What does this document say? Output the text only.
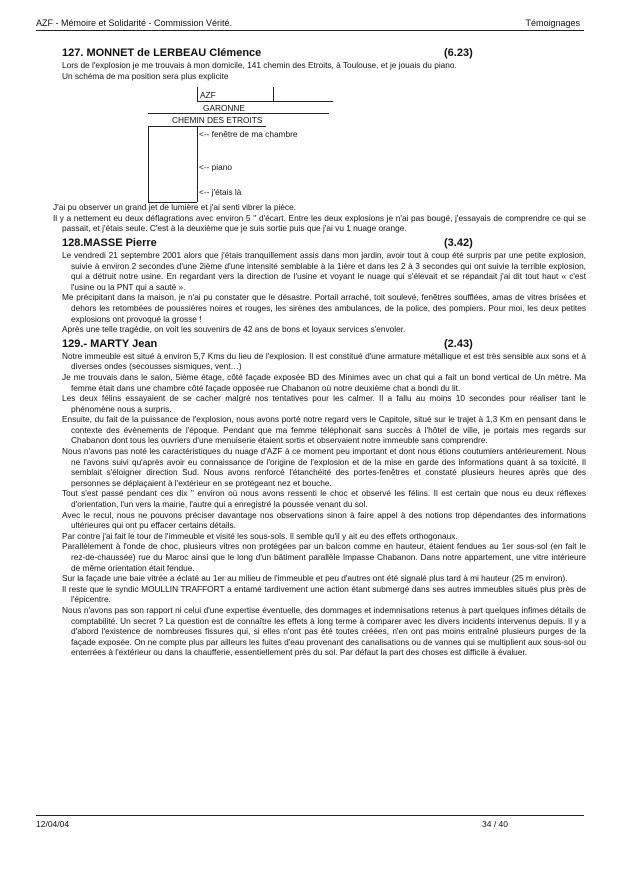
AZF - Mémoire et Solidarité - Commission Vérité.	Témoignages
127. MONNET de LERBEAU Clémence	(6.23)

Lors de l'explosion je me trouvais à mon domicile, 141 chemin des Etroits, à Toulouse, et je jouais du piano.

Un schéma de ma position sera plus explicite

AZF
GARONNE
CHEMIN DES ETROITS
<-- fenêtre de ma chambre
<-- piano
<-- j'étais là

J'ai pu observer un grand jet de lumière et j'ai senti vibrer la pièce.

Il y a nettement eu deux déflagrations avec environ 5 '' d'écart. Entre les deux explosions je n'ai pas bougé, j'essayais de comprendre ce qui se passait, et j'étais seule. C'est à la deuxième que je suis sortie puis que j'ai vu 1 nuage orange.

128.MASSE Pierre	(3.42)

Le vendredi 21 septembre 2001 alors que j'étais tranquillement assis dans mon jardin, avoir tout à coup été surpris par une petite explosion, suivie à environ 2 secondes d'une 2ième d'une intensité semblable à la 1ière et dans les 2 à 3 secondes qui ont suivie la terrible explosion, qui a détruit notre usine. En regardant vers la direction de l'usine et voyant le nuage qui s'élevait et se répandait j'ai dit tout haut « c'est l'usine ou la PNT qui a sauté ».

Me précipitant dans la maison, je n'ai pu constater que le désastre. Portail arraché, toit soulevé, fenêtres soufflées, amas de vitres brisées et dehors les retombées de poussières noires et rouges, les sirènes des ambulances, de la police, des pompiers. Pour moi, les deux petites explosions ont provoqué la grosse !

Après une telle tragédie, on voit les souvenirs de 42 ans de bons et loyaux services s'envoler.

129.- MARTY Jean	(2.43)

Notre immeuble est situé à environ 5,7 Kms du lieu de l'explosion. Il est constitué d'une armature métallique et est très sensible aux sons et à diverses ondes (secousses sismiques, vent…)

Je me trouvais dans le salon, 5ième étage, côté façade exposée BD des Minimes avec un chat qui a fait un bond vertical de Un mètre. Ma femme était dans une chambre côté façade opposée rue Chabanon où notre deuxième chat a bondi du lit.

Les deux félins essayaient de se cacher malgré nos tentatives pour les calmer. Il a fallu au moins 10 secondes pour réaliser tant le phénomène nous a surpris.

Ensuite, du fait de la puissance de l'explosion, nous avons porté notre regard vers le Capitole, situé sur le trajet à 1,3 Km en pensant dans le contexte des évènements de l'époque. Pendant que ma femme téléphonait sans succès à l'hôtel de ville, je portais mes regards sur Chabanon dont tous les ouvriers d'une menuiserie étaient sortis et observaient notre immeuble sans comprendre.

Nous n'avons pas noté les caractéristiques du nuage d'AZF à ce moment peu important et dont nous étions coutumiers antérieurement. Nous ne l'avons suivi qu'après avoir eu connaissance de l'origine de l'explosion et de la mise en garde des informations quant à sa toxicité. Il semblait s'éloigner direction Sud. Nous avons renforcé l'étanchéité des portes-fenêtres et constaté plusieurs heures après que des personnes se déplaçaient à l'extérieur en se protégeant nez et bouche.

Tout s'est passé pendant ces dix '' environ où nous avons ressenti le choc et observé les félins. Il est certain que nous eu deux réflexes d'orientation, l'un vers la mairie, l'autre qui a enregistré la poussée venant du sol.

Avec le recul, nous ne pouvons préciser davantage nos observations sinon à faire appel à des notions trop dépendantes des informations ultérieures qui ont pu effacer certains détails.

Par contre j'ai fait le tour de l'immeuble et visité les sous-sols. Il semble qu'il y ait eu des effets orthogonaux.

Parallèlement à l'onde de choc, plusieurs vitres non protégées par un balcon comme en hauteur, étaient fendues au 1er sous-sol (en fait le rez-de-chaussée) rue du Maroc ainsi que le long d'un bâtiment parallèle Impasse Chabanon. Dans notre appartement, une vitre intérieure de même orientation était fendue.

Sur la façade une baie vitrée a éclaté au 1er au milieu de l'immeuble et peu d'autres ont été signalé plus tard à mi hauteur (25 m environ).

Il reste que le syndic MOULLIN TRAFFORT a entamé tardivement une action étant submergé dans ses autres immeubles situés plus près de l'épicentre.

Nous n'avons pas son rapport ni celui d'une expertise éventuelle, des dommages et indemnisations retenus à part quelques infimes détails de comptabilité. Un secret ? La question est de connaître les effets à long terme à comparer avec les divers incidents intervenus depuis. Il y a d'abord l'existence de nombreuses fissures qui, si elles n'ont pas été toutes créées, n'en ont pas moins entraîné plusieurs purges de la façade exposée. On ne compte plus par ailleurs les fuites d'eau provenant des canalisations ou de vannes qui se multiplient aux sous-sol ou enterrées à l'extérieur ou dans la chaufferie, essentiellement près du sol. Par défaut la part des choses est difficile à évaluer.

12/04/04	34 / 40
